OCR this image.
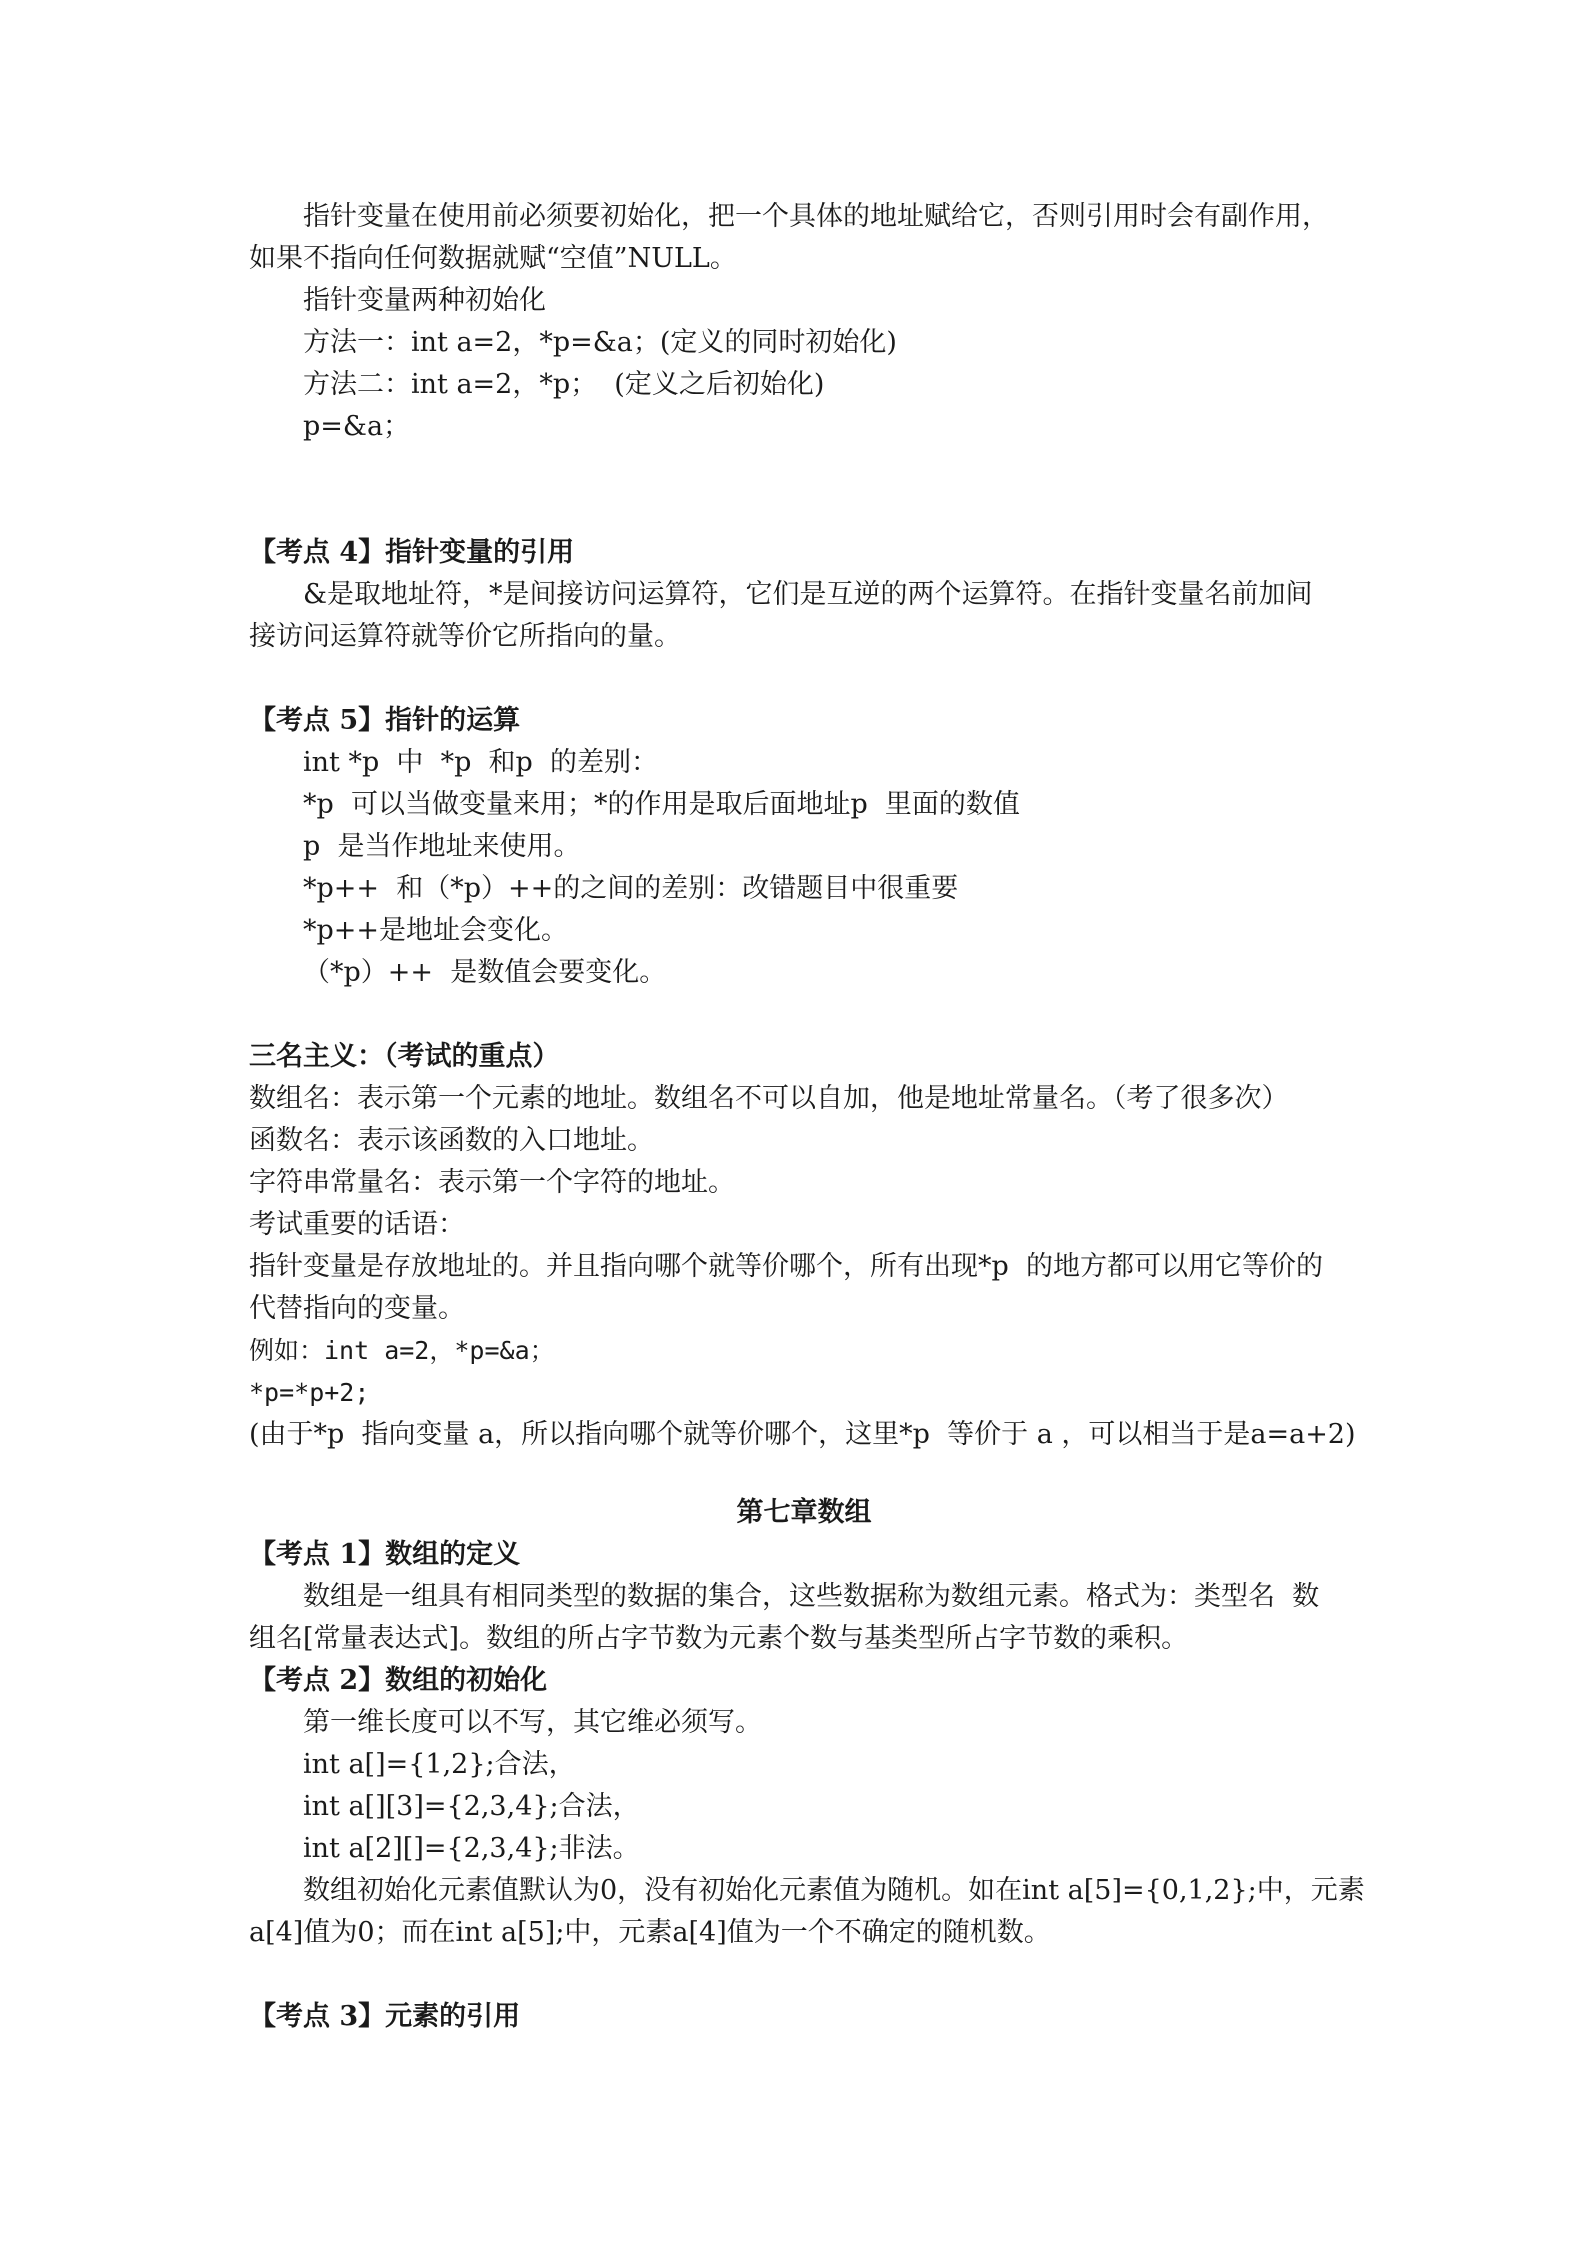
指针变量在使用前必须要初始化，把一个具体的地址赋给它，否则引用时会有副作用，
如果不指向任何数据就赋“空值”NULL。
指针变量两种初始化
方法一：int a=2，*p=&a；(定义的同时初始化)
方法二：int a=2，*p；  (定义之后初始化)
p=&a；
【考点 4】指针变量的引用
&是取地址符，*是间接访问运算符，它们是互逆的两个运算符。在指针变量名前加间
接访问运算符就等价它所指向的量。
【考点 5】指针的运算
int *p  中  *p  和p  的差别：
*p  可以当做变量来用；*的作用是取后面地址p  里面的数值
p  是当作地址来使用。
*p++  和（*p）++的之间的差别：改错题目中很重要
*p++是地址会变化。
（*p）++  是数值会要变化。
三名主义：（考试的重点）
数组名：表示第一个元素的地址。数组名不可以自加，他是地址常量名。（考了很多次）
函数名：表示该函数的入口地址。
字符串常量名：表示第一个字符的地址。
考试重要的话语：
指针变量是存放地址的。并且指向哪个就等价哪个，所有出现*p  的地方都可以用它等价的
代替指向的变量。
例如：int a=2，*p=&a；
*p=*p+2;
(由于*p  指向变量 a，所以指向哪个就等价哪个，这里*p  等价于 a ，可以相当于是a=a+2)
第七章数组
【考点 1】数组的定义
数组是一组具有相同类型的数据的集合，这些数据称为数组元素。格式为：类型名  数
组名[常量表达式]。数组的所占字节数为元素个数与基类型所占字节数的乘积。
【考点 2】数组的初始化
第一维长度可以不写，其它维必须写。
int a[]={1,2};合法，
int a[][3]={2,3,4};合法，
int a[2][]={2,3,4};非法。
数组初始化元素值默认为0，没有初始化元素值为随机。如在int a[5]={0,1,2};中，元素
a[4]值为0；而在int a[5];中，元素a[4]值为一个不确定的随机数。
【考点 3】元素的引用
